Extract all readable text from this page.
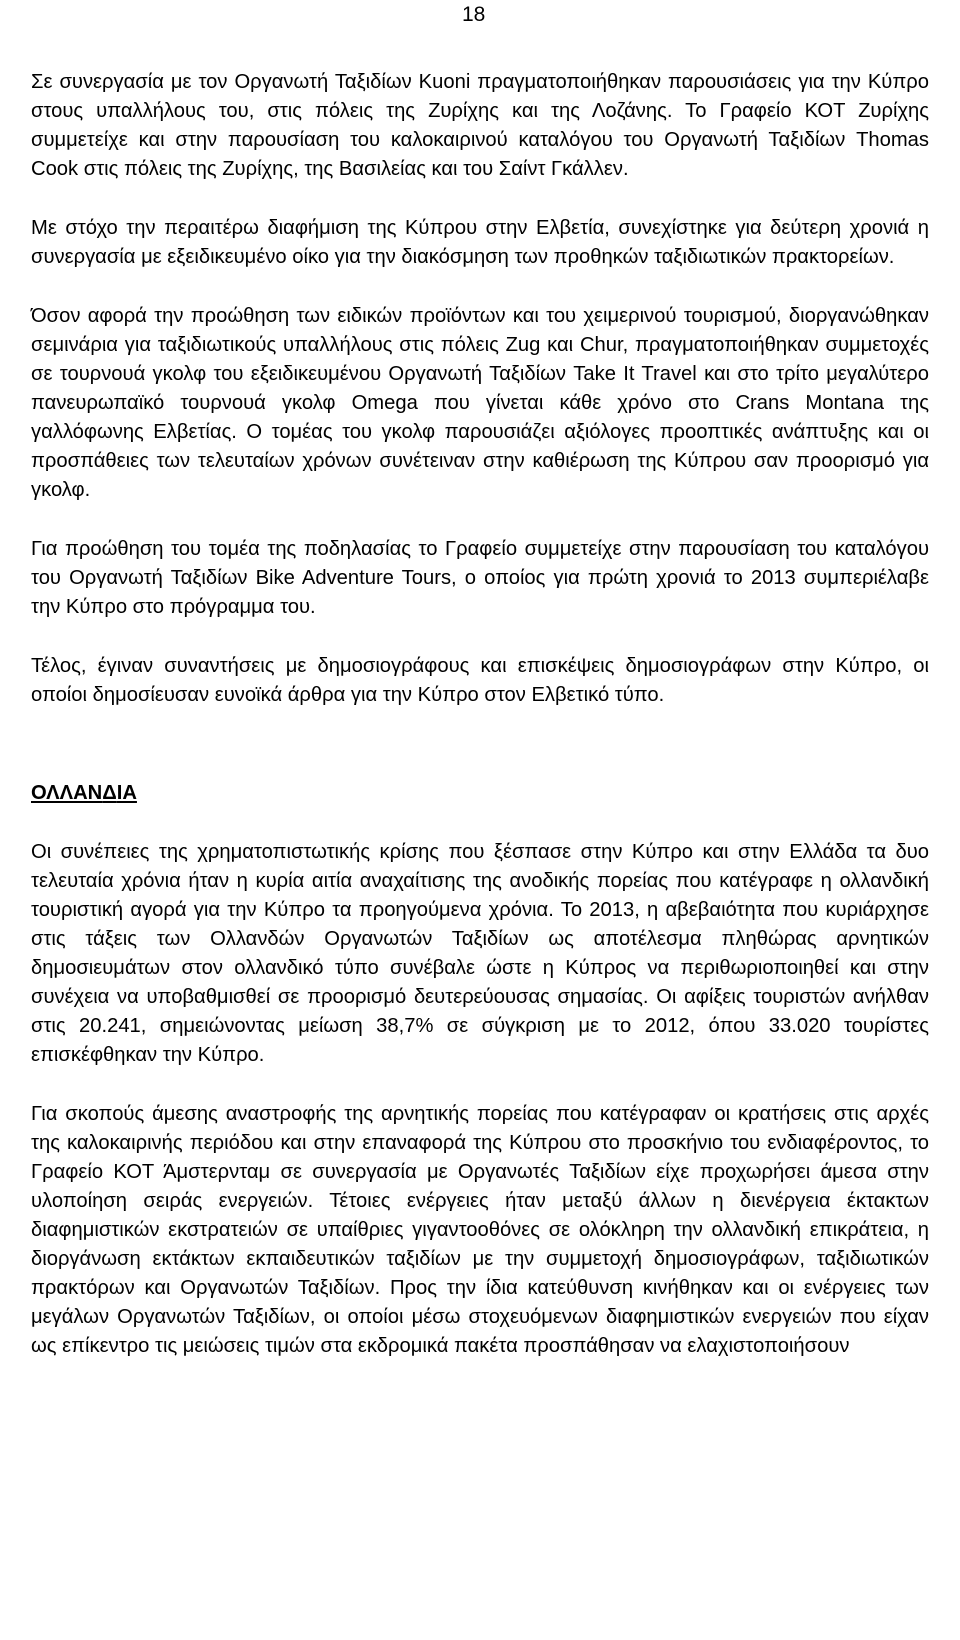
18

Σε συνεργασία με τον Οργανωτή Ταξιδίων Kuoni πραγματοποιήθηκαν παρουσιάσεις για την Κύπρο στους υπαλλήλους του, στις πόλεις της Ζυρίχης και της Λοζάνης. Το Γραφείο ΚΟΤ Ζυρίχης συμμετείχε και στην παρουσίαση του καλοκαιρινού καταλόγου του Οργανωτή Ταξιδίων Thomas Cook στις πόλεις της Ζυρίχης, της Βασιλείας και του Σαίντ Γκάλλεν.

Με στόχο την περαιτέρω διαφήμιση της Κύπρου στην Ελβετία, συνεχίστηκε για δεύτερη χρονιά η συνεργασία με εξειδικευμένο οίκο για την διακόσμηση των προθηκών ταξιδιωτικών πρακτορείων.

Όσον αφορά την προώθηση των ειδικών προϊόντων και του χειμερινού τουρισμού, διοργανώθηκαν σεμινάρια για ταξιδιωτικούς υπαλλήλους στις πόλεις Zug και Chur, πραγματοποιήθηκαν συμμετοχές σε τουρνουά γκολφ του εξειδικευμένου Οργανωτή Ταξιδίων Take It Travel και στο τρίτο μεγαλύτερο πανευρωπαϊκό τουρνουά γκολφ Omega που γίνεται κάθε χρόνο στο Crans Montana της γαλλόφωνης Ελβετίας. Ο τομέας του γκολφ παρουσιάζει αξιόλογες προοπτικές ανάπτυξης και οι προσπάθειες των τελευταίων χρόνων συνέτειναν στην καθιέρωση της Κύπρου σαν προορισμό για γκολφ.

Για προώθηση του τομέα της ποδηλασίας το Γραφείο συμμετείχε στην παρουσίαση του καταλόγου του Οργανωτή Ταξιδίων Bike Adventure Tours, ο οποίος για πρώτη χρονιά το 2013 συμπεριέλαβε την Κύπρο στο πρόγραμμα του.

Τέλος, έγιναν συναντήσεις με δημοσιογράφους και επισκέψεις δημοσιογράφων στην Κύπρο, οι οποίοι δημοσίευσαν ευνοϊκά άρθρα για την Κύπρο στον Ελβετικό τύπο.

ΟΛΛΑΝΔΙΑ

Οι συνέπειες της χρηματοπιστωτικής κρίσης που ξέσπασε στην Κύπρο και στην Ελλάδα τα δυο τελευταία χρόνια ήταν η κυρία αιτία αναχαίτισης της ανοδικής πορείας που κατέγραφε η ολλανδική τουριστική αγορά για την Κύπρο τα προηγούμενα χρόνια. Το 2013, η αβεβαιότητα που κυριάρχησε στις τάξεις των Ολλανδών Οργανωτών Ταξιδίων ως αποτέλεσμα πληθώρας αρνητικών δημοσιευμάτων στον ολλανδικό τύπο συνέβαλε ώστε η Κύπρος να περιθωριοποιηθεί και στην συνέχεια να υποβαθμισθεί σε προορισμό δευτερεύουσας σημασίας. Οι αφίξεις τουριστών ανήλθαν στις 20.241, σημειώνοντας μείωση 38,7% σε σύγκριση με το 2012, όπου 33.020 τουρίστες επισκέφθηκαν την Κύπρο.

Για σκοπούς άμεσης αναστροφής της αρνητικής πορείας που κατέγραφαν οι κρατήσεις στις αρχές της καλοκαιρινής περιόδου και στην επαναφορά της Κύπρου στο προσκήνιο του ενδιαφέροντος, το Γραφείο ΚΟΤ Άμστερνταμ σε συνεργασία με Οργανωτές Ταξιδίων είχε προχωρήσει άμεσα στην υλοποίηση σειράς ενεργειών. Τέτοιες ενέργειες ήταν μεταξύ άλλων η διενέργεια έκτακτων διαφημιστικών εκστρατειών σε υπαίθριες γιγαντοοθόνες σε ολόκληρη την ολλανδική επικράτεια, η διοργάνωση εκτάκτων εκπαιδευτικών ταξιδίων με την συμμετοχή δημοσιογράφων, ταξιδιωτικών πρακτόρων και Οργανωτών Ταξιδίων. Προς την ίδια κατεύθυνση κινήθηκαν και οι ενέργειες των μεγάλων Οργανωτών Ταξιδίων, οι οποίοι μέσω στοχευόμενων διαφημιστικών ενεργειών που είχαν ως επίκεντρο τις μειώσεις τιμών στα εκδρομικά πακέτα προσπάθησαν να ελαχιστοποιήσουν
